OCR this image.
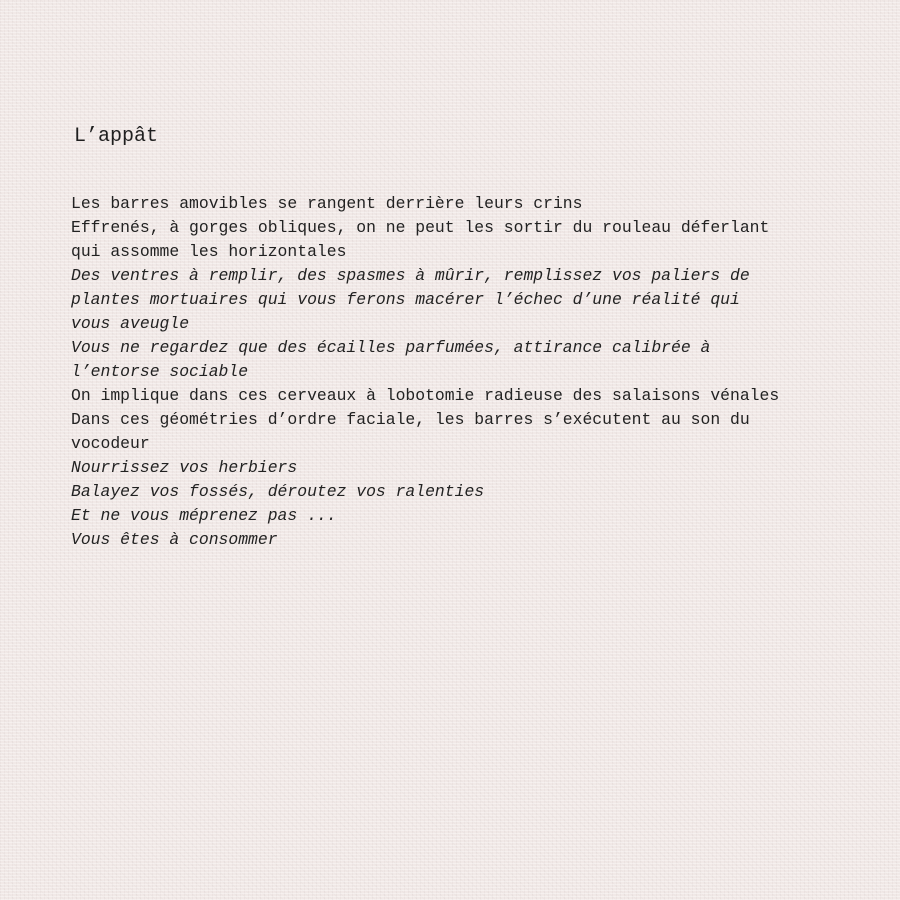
L’appât
Les barres amovibles se rangent derrière leurs crins
Effrenés, à gorges obliques, on ne peut les sortir du rouleau déferlant
qui assomme les horizontales
Des ventres à remplir, des spasmes à mûrir, remplissez vos paliers de
plantes mortuaires qui vous ferons macérer l’échec d’une réalité qui
vous aveugle
Vous ne regardez que des écailles parfumées, attirance calibrée à
l’entorse sociable
On implique dans ces cerveaux à lobotomie radieuse des salaisons vénales
Dans ces géométries d’ordre faciale, les barres s’exécutent au son du
vocodeur
Nourrissez vos herbiers
Balayez vos fossés, déroutez vos ralenties
Et ne vous méprenez pas ...
Vous êtes à consommer
